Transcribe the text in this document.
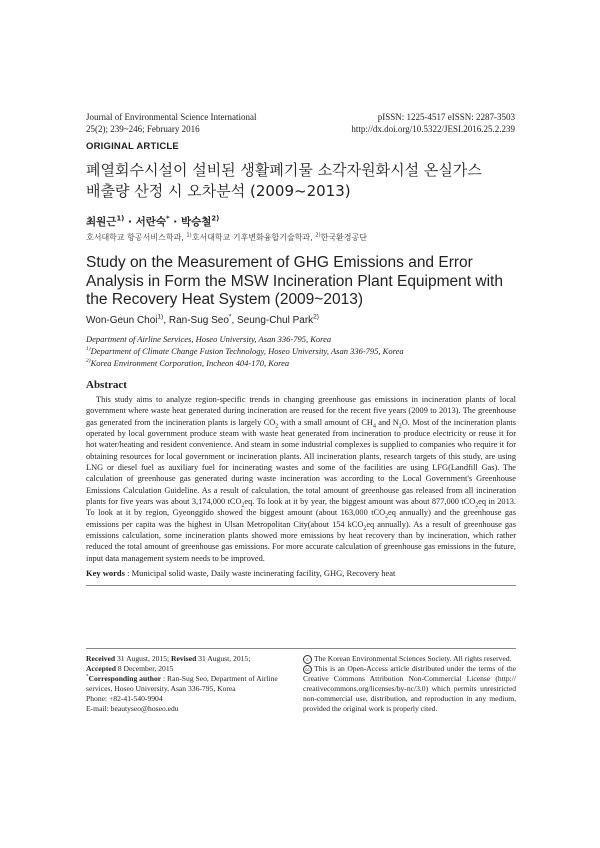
Journal of Environmental Science International
25(2); 239~246; February 2016
pISSN: 1225-4517 eISSN: 2287-3503
http://dx.doi.org/10.5322/JESI.2016.25.2.239
ORIGINAL ARTICLE
폐열회수시설이 설비된 생활폐기물 소각자원화시설 온실가스
배출량 산정 시 오차분석 (2009~2013)
최원근$^{1)}$ · 서란숙* · 박승철$^{2)}$
호서대학교 항공서비스학과, $^{1)}$호서대학교 기후변화융합기술학과, $^{2)}$한국환경공단
Study on the Measurement of GHG Emissions and Error Analysis in Form the MSW Incineration Plant Equipment with the Recovery Heat System (2009~2013)
Won-Geun Choi$^{1)}$, Ran-Sug Seo*, Seung-Chul Park$^{2)}$
Department of Airline Services, Hoseo University, Asan 336-795, Korea
$^{1)}$Department of Climate Change Fusion Technology, Hoseo University, Asan 336-795, Korea
$^{2)}$Korea Environment Corporation, Incheon 404-170, Korea
Abstract

This study aims to analyze region-specific trends in changing greenhouse gas emissions in incineration plants of local government where waste heat generated during incineration are reused for the recent five years (2009 to 2013). The greenhouse gas generated from the incineration plants is largely $CO_2$ with a small amount of $CH_4$ and $N_2O$. Most of the incineration plants operated by local government produce steam with waste heat generated from incineration to produce electricity or reuse it for hot water/heating and resident convenience. And steam in some industrial complexes is supplied to companies who require it for obtaining resources for local government or incineration plants. All incineration plants, research targets of this study, are using LNG or diesel fuel as auxiliary fuel for incinerating wastes and some of the facilities are using LFG(Landfill Gas). The calculation of greenhouse gas generated during waste incineration was according to the Local Government's Greenhouse Emissions Calculation Guideline. As a result of calculation, the total amount of greenhouse gas released from all incineration plants for five years was about 3,174,000 tCO$_2$eq. To look at it by year, the biggest amount was about 877,000 tCO$_2$eq in 2013. To look at it by region, Gyeonggido showed the biggest amount (about 163,000 tCO$_2$eq annually) and the greenhouse gas emissions per capita was the highest in Ulsan Metropolitan City(about 154 kCO$_2$eq annually). As a result of greenhouse gas emissions calculation, some incineration plants showed more emissions by heat recovery than by incineration, which rather reduced the total amount of greenhouse gas emissions. For more accurate calculation of greenhouse gas emissions in the future, input data management system needs to be improved.

Key words : Municipal solid waste, Daily waste incinerating facility, GHG, Recovery heat
Received 31 August, 2015; Revised 31 August, 2015;
Accepted 8 December, 2015
*Corresponding author : Ran-Sug Seo, Department of Airline services, Hoseo University, Asan 336-795, Korea
Phone: +82-41-540-9904
E-mail: beautyseo@hoseo.edu
c The Korean Environmental Sciences Society. All rights reserved.
cc This is an Open-Access article distributed under the terms of the Creative Commons Attribution Non-Commercial License (http:// creativecommons.org/licenses/by-nc/3.0) which permits unrestricted non-commercial use, distribution, and reproduction in any medium, provided the original work is properly cited.
